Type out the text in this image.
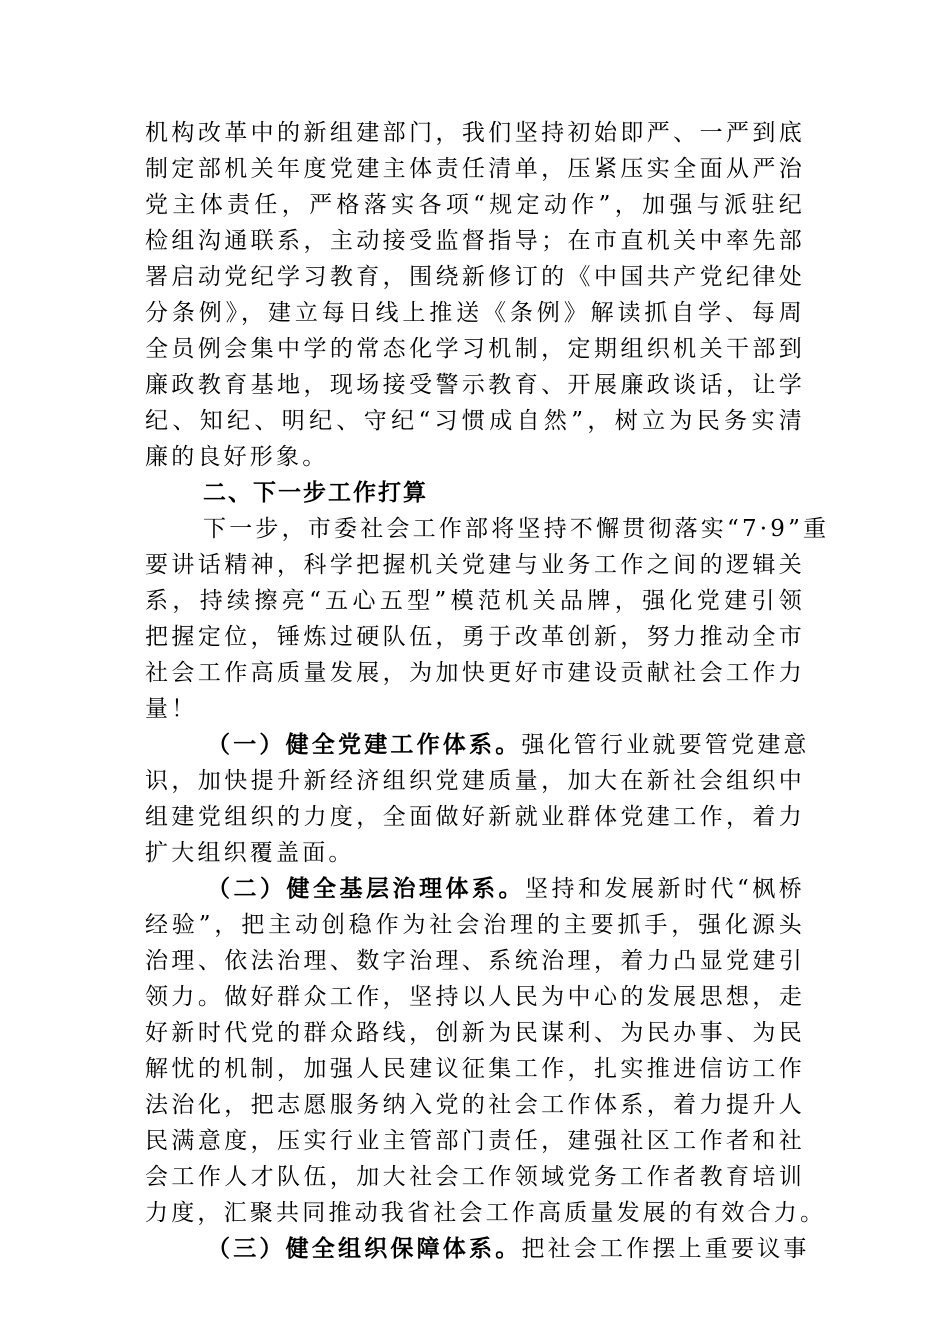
机构改革中的新组建部门，我们坚持初始即严、一严到底
制定部机关年度党建主体责任清单，压紧压实全面从严治
党主体责任，严格落实各项“规定动作”，加强与派驻纪
检组沟通联系，主动接受监督指导；在市直机关中率先部
署启动党纪学习教育，围绕新修订的《中国共产党纪律处
分条例》，建立每日线上推送《条例》解读抓自学、每周
全员例会集中学的常态化学习机制，定期组织机关干部到
廉政教育基地，现场接受警示教育、开展廉政谈话，让学
纪、知纪、明纪、守纪“习惯成自然”，树立为民务实清
廉的良好形象。
二、下一步工作打算
下一步，市委社会工作部将坚持不懈贯彻落实“7·9”重
要讲话精神，科学把握机关党建与业务工作之间的逻辑关
系，持续擦亮“五心五型”模范机关品牌，强化党建引领
把握定位，锤炼过硬队伍，勇于改革创新，努力推动全市
社会工作高质量发展，为加快更好市建设贡献社会工作力
量！
（一）健全党建工作体系。强化管行业就要管党建意
识，加快提升新经济组织党建质量，加大在新社会组织中
组建党组织的力度，全面做好新就业群体党建工作，着力
扩大组织覆盖面。
（二）健全基层治理体系。坚持和发展新时代“枫桥
经验”，把主动创稳作为社会治理的主要抓手，强化源头
治理、依法治理、数字治理、系统治理，着力凸显党建引
领力。做好群众工作，坚持以人民为中心的发展思想，走
好新时代党的群众路线，创新为民谋利、为民办事、为民
解忧的机制，加强人民建议征集工作，扎实推进信访工作
法治化，把志愿服务纳入党的社会工作体系，着力提升人
民满意度，压实行业主管部门责任，建强社区工作者和社
会工作人才队伍，加大社会工作领域党务工作者教育培训
力度，汇聚共同推动我省社会工作高质量发展的有效合力。
（三）健全组织保障体系。把社会工作摆上重要议事
